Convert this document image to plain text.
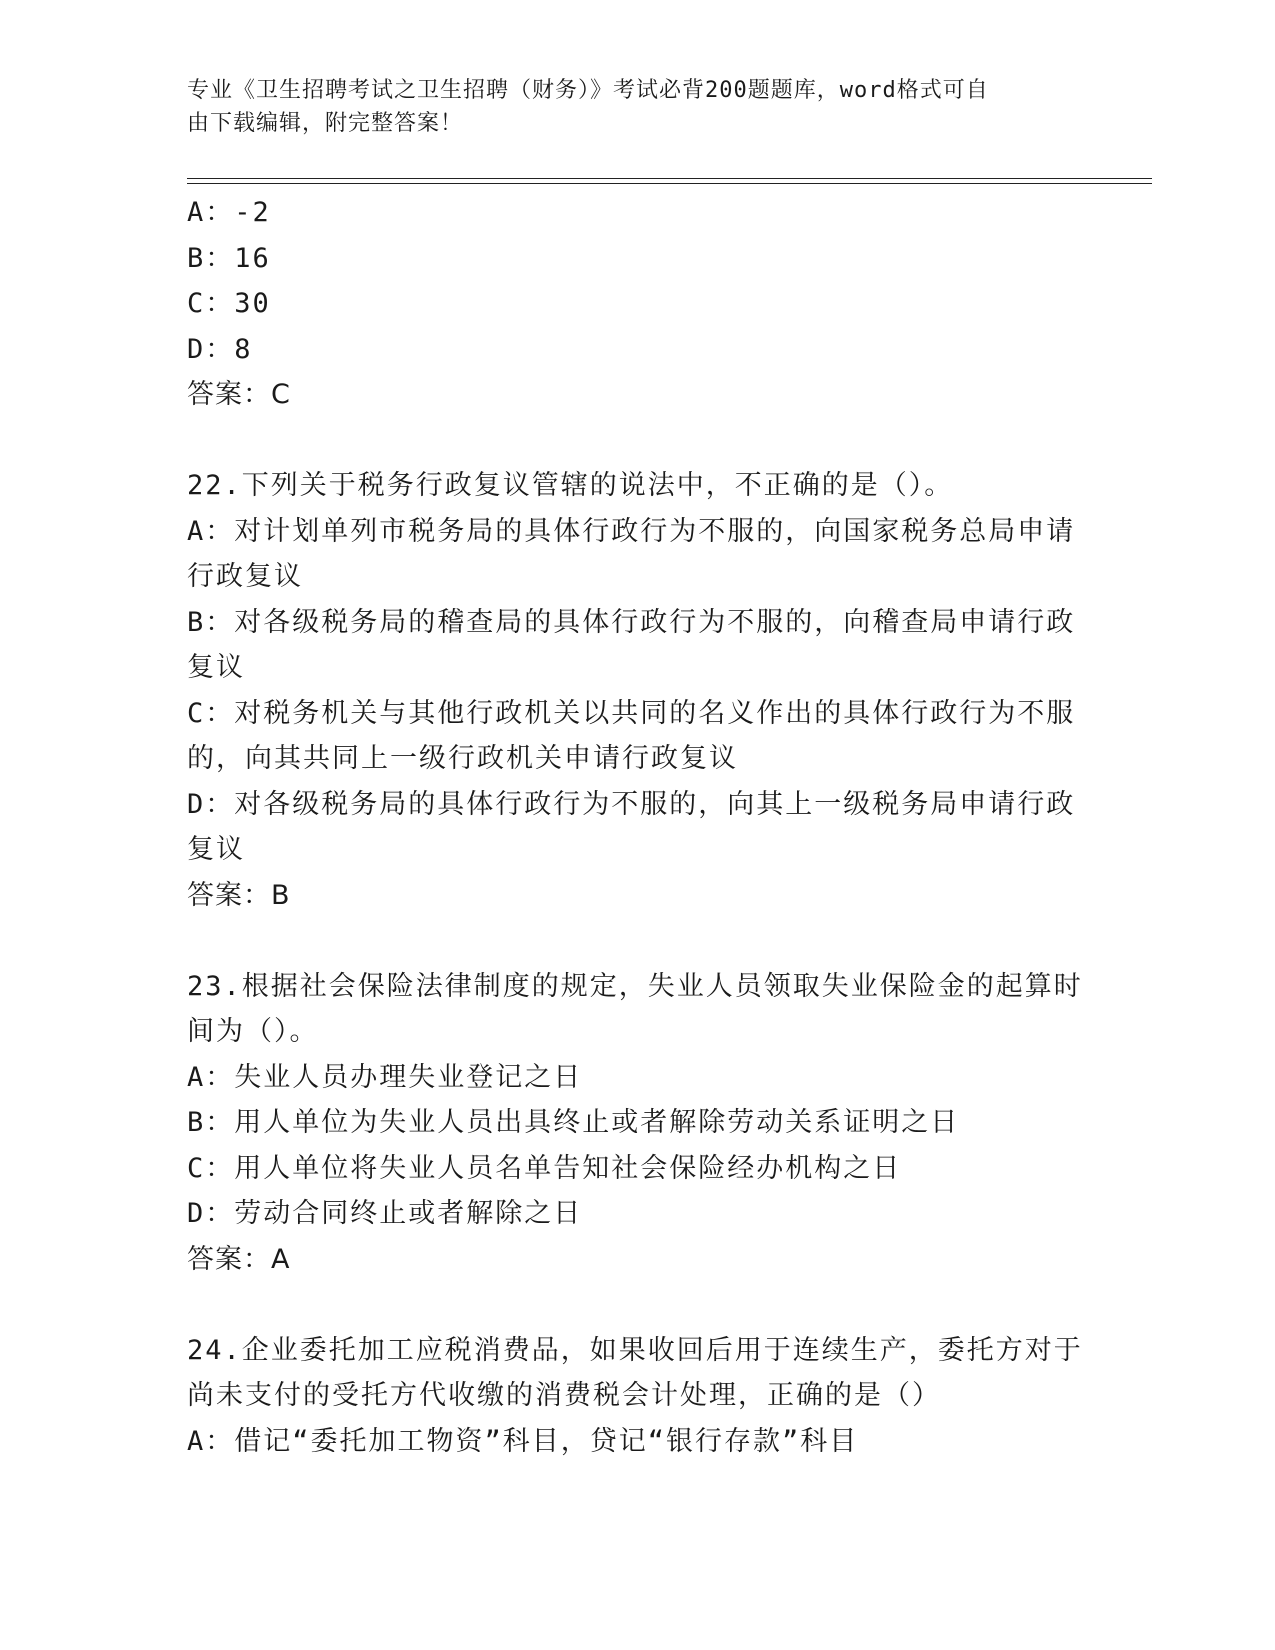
专业《卫生招聘考试之卫生招聘（财务）》考试必背200题题库，word格式可自
由下载编辑，附完整答案！

A：-2

B：16

C：30

D：8

答案：C

22.下列关于税务行政复议管辖的说法中，不正确的是（）。

A：对计划单列市税务局的具体行政行为不服的，向国家税务总局申请

行政复议

B：对各级税务局的稽查局的具体行政行为不服的，向稽查局申请行政

复议

C：对税务机关与其他行政机关以共同的名义作出的具体行政行为不服

的，向其共同上一级行政机关申请行政复议

D：对各级税务局的具体行政行为不服的，向其上一级税务局申请行政

复议

答案：B

23.根据社会保险法律制度的规定，失业人员领取失业保险金的起算时

间为（）。

A：失业人员办理失业登记之日

B：用人单位为失业人员出具终止或者解除劳动关系证明之日

C：用人单位将失业人员名单告知社会保险经办机构之日

D：劳动合同终止或者解除之日

答案：A

24.企业委托加工应税消费品，如果收回后用于连续生产，委托方对于

尚未支付的受托方代收缴的消费税会计处理，正确的是（）

A：借记“委托加工物资”科目，贷记“银行存款”科目
